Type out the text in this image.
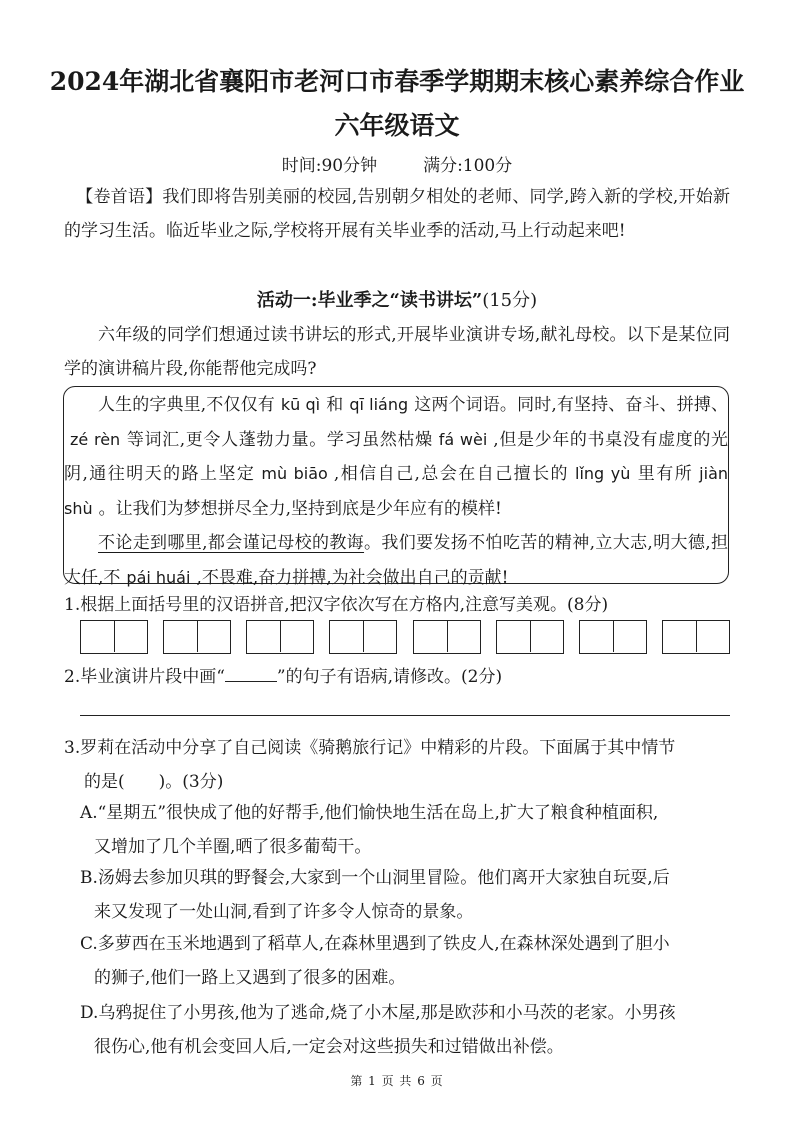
2024年湖北省襄阳市老河口市春季学期期末核心素养综合作业
六年级语文
时间:90分钟	满分:100分
【卷首语】我们即将告别美丽的校园,告别朝夕相处的老师、同学,跨入新的学校,开始新的学习生活。临近毕业之际,学校将开展有关毕业季的活动,马上行动起来吧!
活动一:毕业季之“读书讲坛”(15分)
六年级的同学们想通过读书讲坛的形式,开展毕业演讲专场,献礼母校。以下是某位同学的演讲稿片段,你能帮他完成吗?

人生的字典里,不仅仅有 kū qì 和 qī liáng 这两个词语。同时,有坚持、奋斗、拼搏、zé rèn 等词汇,更令人蓬勃力量。学习虽然枯燥 fá wèi ,但是少年的书桌没有虚度的光阴,通往明天的路上坚定 mù biāo ,相信自己,总会在自己擅长的 lǐng yù 里有所 jiàn shù 。让我们为梦想拼尽全力,坚持到底是少年应有的模样!

不论走到哪里,都会谨记母校的教诲。我们要发扬不怕吃苦的精神,立大志,明大德,担大任,不 pái huái ,不畏难,奋力拼搏,为社会做出自己的贡献!

1.根据上面括号里的汉语拼音,把汉字依次写在方格内,注意写美观。(8分)
2.毕业演讲片段中画“	”的句子有语病,请修改。(2分)
3.罗莉在活动中分享了自己阅读《骑鹅旅行记》中精彩的片段。下面属于其中情节
的是(　　)。(3分)
A.“星期五”很快成了他的好帮手,他们愉快地生活在岛上,扩大了粮食种植面积,
又增加了几个羊圈,晒了很多葡萄干。
B.汤姆去参加贝琪的野餐会,大家到一个山洞里冒险。他们离开大家独自玩耍,后
来又发现了一处山洞,看到了许多令人惊奇的景象。
C.多萝西在玉米地遇到了稻草人,在森林里遇到了铁皮人,在森林深处遇到了胆小
的狮子,他们一路上又遇到了很多的困难。
D.乌鸦捉住了小男孩,他为了逃命,烧了小木屋,那是欧莎和小马茨的老家。小男孩
很伤心,他有机会变回人后,一定会对这些损失和过错做出补偿。
第 1 页 共 6 页
